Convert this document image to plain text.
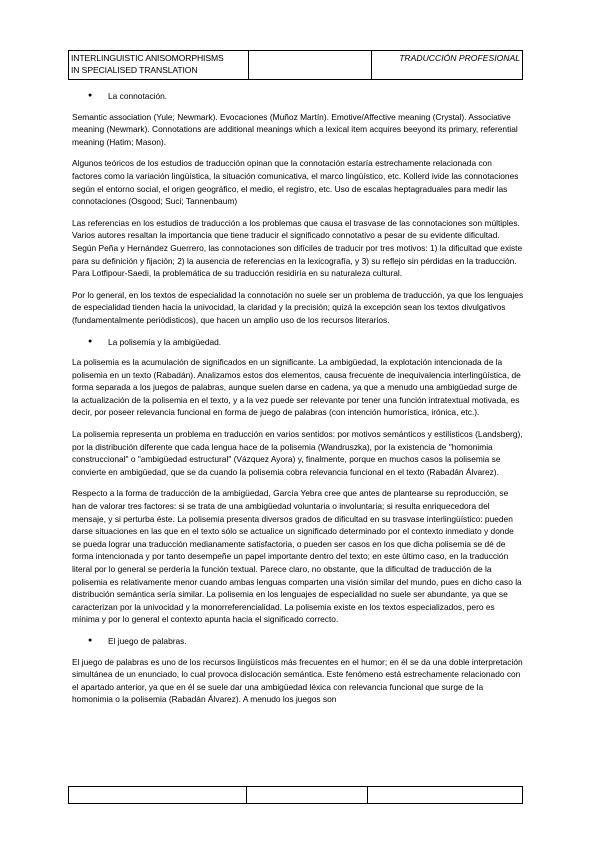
INTERLINGUISTIC ANISOMORPHISMS
IN SPECIALISED TRANSLATION
		TRADUCCIÓN PROFESIONAL
● La connotación.

Semantic association (Yule; Newmark). Evocaciones (Muñoz Martín). Emotive/Affective meaning (Crystal). Associative meaning (Newmark). Connotations are additional meanings which a lexical item acquires beeyond its primary, referential meaning (Hatim; Mason).

Algunos teóricos de los estudios de traducción opinan que la connotación estaría estrechamente relacionada con factores como la variación lingüística, la situación comunicativa, el marco lingüístico, etc. Kollerd ivide las connotaciones según el entorno social, el origen geográfico, el medio, el registro, etc. Uso de escalas heptagraduales para medir las connotaciones (Osgood; Suci; Tannenbaum)

Las referencias en los estudios de traducción a los problemas que causa el trasvase de las connotaciones son múltiples. Varios autores resaltan la importancia que tiene traducir el significado connotativo a pesar de su evidente dificultad. Según Peña y Hernández Guerrero, las connotaciones son difíciles de traducir por tres motivos: 1) la dificultad que existe para su definición y fijación; 2) la ausencia de referencias en la lexicografía, y 3) su reflejo sin pérdidas en la traducción. Para Lotfipour-Saedi, la problemática de su traducción residiría en su naturaleza cultural.

Por lo general, en los textos de especialidad la connotación no suele ser un problema de traducción, ya que los lenguajes de especialidad tienden hacia la univocidad, la claridad y la precisión; quizá la excepción sean los textos divulgativos (fundamentalmente periódisticos), que hacen un amplio uso de los recursos literarios.

● La polisemia y la ambigüedad.

La polisemia es la acumulación de significados en un significante. La ambigüedad, la explotación intencionada de la polisemia en un texto (Rabadán). Analizamos estos dos elementos, causa frecuente de inequivalencia interlingüística, de forma separada a los juegos de palabras, aunque suelen darse en cadena, ya que a menudo una ambigüedad surge de la actualización de la polisemia en el texto, y a la vez puede ser relevante por tener una función intratextual motivada, es decir, por poseer relevancia funcional en forma de juego de palabras (con intención humorística, irónica, etc.).

La polisemia representa un problema en traducción en varios sentidos: por motivos semánticos y estilísticos (Landsberg), por la distribución diferente que cada lengua hace de la polisemia (Wandruszka), por la existencia de "homonimia construccional" o "ambigüedad estructural" (Vázquez Ayora) y, finalmente, porque en muchos casos la polisemia se convierte en ambigüedad, que se da cuando la polisemia cobra relevancia funcional en el texto (Rabadán Álvarez).

Respecto a la forma de traducción de la ambigüedad, García Yebra cree que antes de plantearse su reproducción, se han de valorar tres factores: si se trata de una ambigüedad voluntaria o involuntaria; si resulta enriquecedora del mensaje, y si perturba éste. La polisemia presenta diversos grados de dificultad en su trasvase interlingüístico: pueden darse situaciones en las que en el texto sólo se actualice un significado determinado por el contexto inmediato y donde se pueda lograr una traducción medianamente satisfactoria, o pueden ser casos en los que dicha polisemia se dé de forma intencionada y por tanto desempeñe un papel importante dentro del texto; en este último caso, en la traducción literal por lo general se perdería la función textual. Parece claro, no obstante, que la dificultad de traducción de la polisemia es relativamente menor cuando ambas lenguas comparten una visión similar del mundo, pues en dicho caso la distribución semántica sería similar. La polisemia en los lenguajes de especialidad no suele ser abundante, ya que se caracterizan por la univocidad y la monorreferencialidad. La polisemia existe en los textos especializados, pero es mínima y por lo general el contexto apunta hacia el significado correcto.

● El juego de palabras.

El juego de palabras es uno de los recursos lingüísticos más frecuentes en el humor; en él se da una doble interpretación simultánea de un enunciado, lo cual provoca dislocación semántica. Este fenómeno está estrechamente relacionado con el apartado anterior, ya que en él se suele dar una ambigüedad léxica con relevancia funcional que surge de la homonimia o la polisemia (Rabadán Álvarez). A menudo los juegos son
